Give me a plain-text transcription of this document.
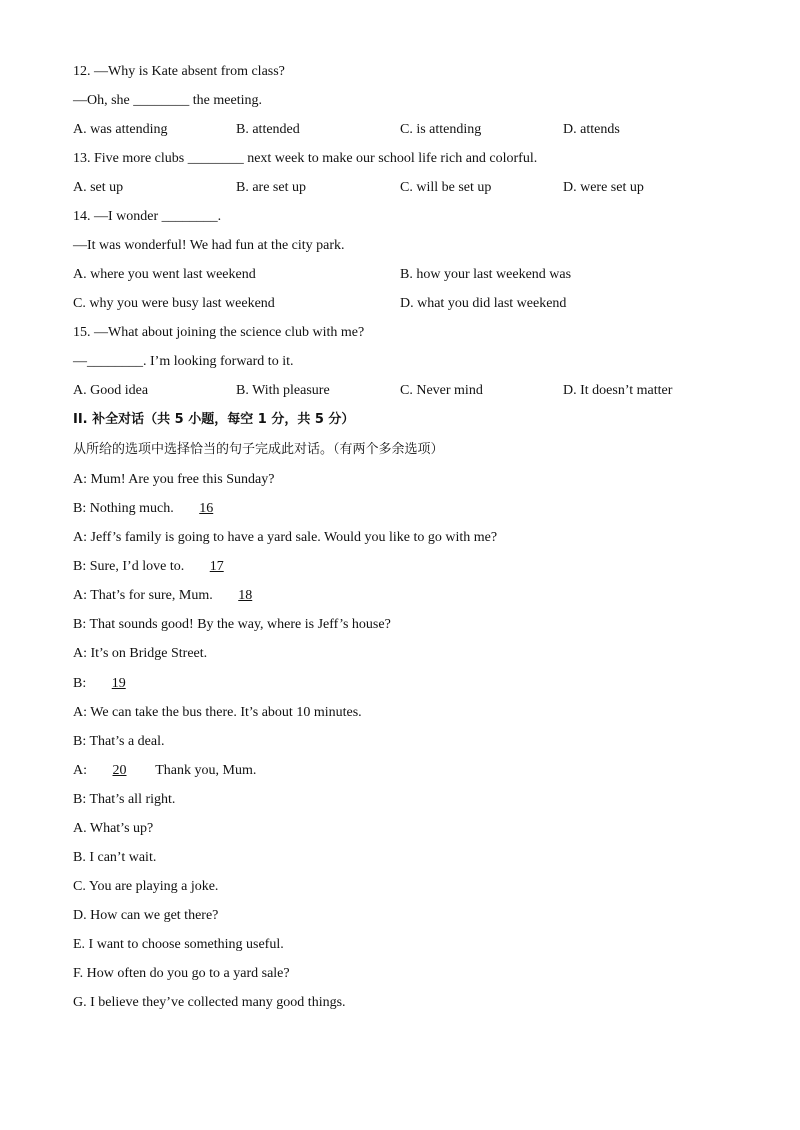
12. —Why is Kate absent from class?
—Oh, she ________ the meeting.
A. was attending	B. attended	C. is attending	D. attends
13. Five more clubs ________ next week to make our school life rich and colorful.
A. set up	B. are set up	C. will be set up	D. were set up
14. —I wonder ________.
—It was wonderful! We had fun at the city park.
A. where you went last weekend	B. how your last weekend was
C. why you were busy last weekend	D. what you did last weekend
15. —What about joining the science club with me?
—________. I’m looking forward to it.
A. Good idea	B. With pleasure	C. Never mind	D. It doesn’t matter
II. 补全对话（共 5 小题，每空 1 分，共 5 分）
从所给的选项中选择恰当的句子完成此对话。（有两个多余选项）
A: Mum! Are you free this Sunday?
B: Nothing much. 16
A: Jeff’s family is going to have a yard sale. Would you like to go with me?
B: Sure, I’d love to. 17
A: That’s for sure, Mum. 18
B: That sounds good! By the way, where is Jeff’s house?
A: It’s on Bridge Street.
B: 19
A: We can take the bus there. It’s about 10 minutes.
B: That’s a deal.
A: 20  Thank you, Mum.
B: That’s all right.
A. What’s up?
B. I can’t wait.
C. You are playing a joke.
D. How can we get there?
E. I want to choose something useful.
F. How often do you go to a yard sale?
G. I believe they’ve collected many good things.
